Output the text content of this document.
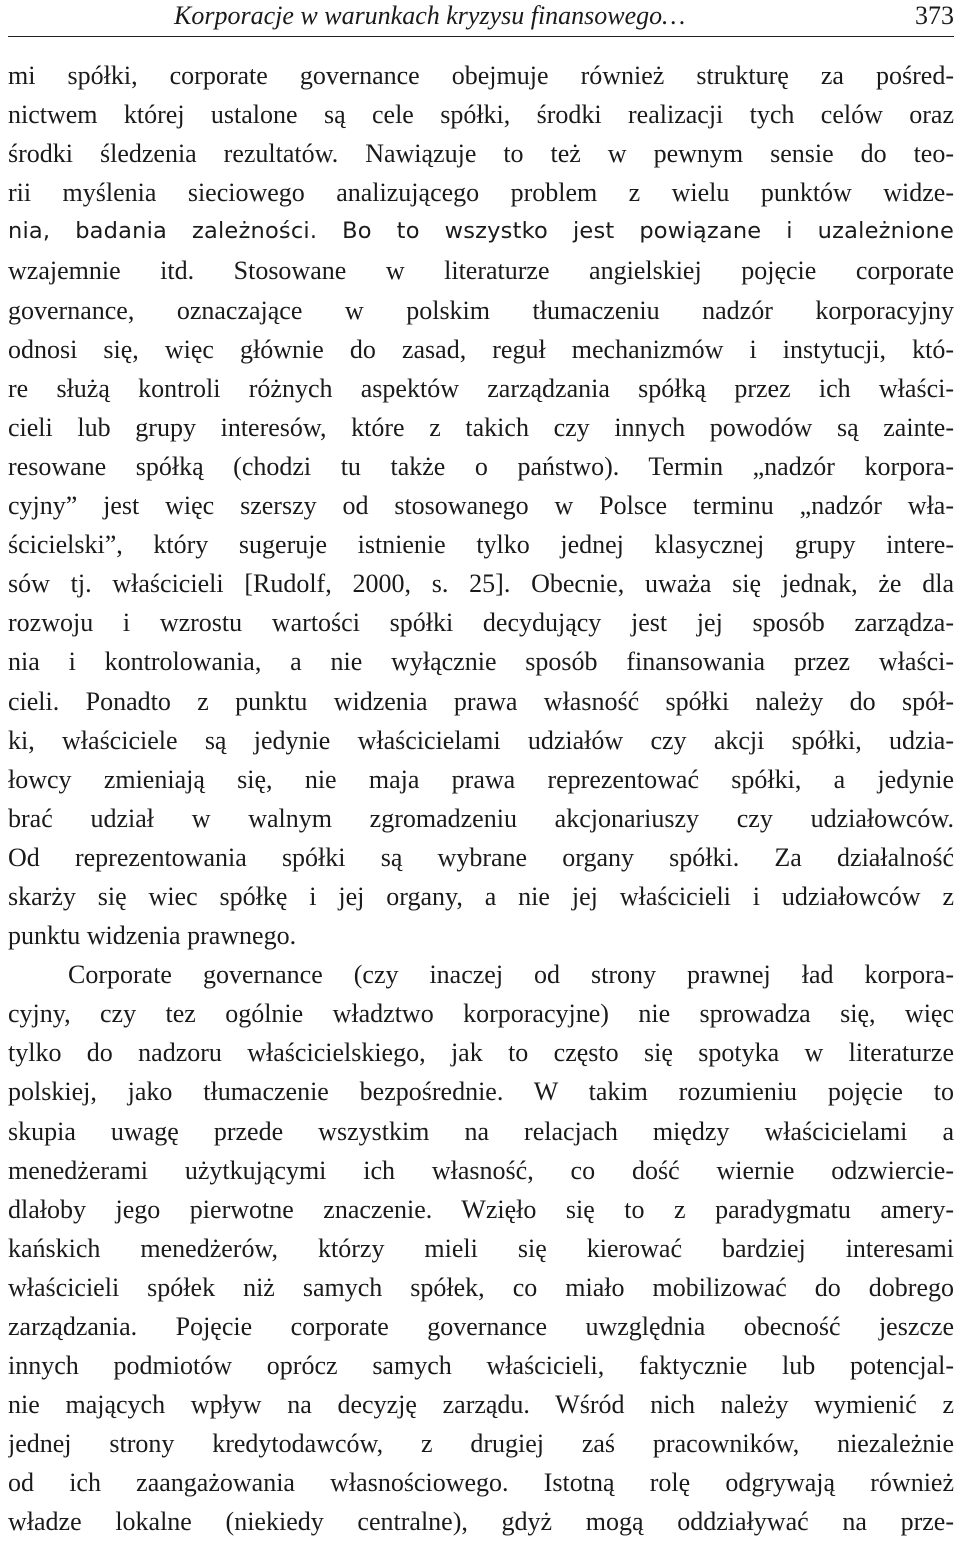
Korporacje w warunkach kryzysu finansowego…	373
mi spółki, corporate governance obejmuje również strukturę za pośred-
nictwem której ustalone są cele spółki, środki realizacji tych celów oraz
środki śledzenia rezultatów. Nawiązuje to też w pewnym sensie do teo-
rii myślenia sieciowego analizującego problem z wielu punktów widze-
nia, badania zależności. Bo to wszystko jest powiązane i uzależnione
wzajemnie itd. Stosowane w literaturze angielskiej pojęcie corporate
governance, oznaczające w polskim tłumaczeniu nadzór korporacyjny
odnosi się, więc głównie do zasad, reguł mechanizmów i instytucji, któ-
re służą kontroli różnych aspektów zarządzania spółką przez ich właści-
cieli lub grupy interesów, które z takich czy innych powodów są zainte-
resowane spółką (chodzi tu także o państwo). Termin „nadzór korpora-
cyjny” jest więc szerszy od stosowanego w Polsce terminu „nadzór wła-
ścicielski”, który sugeruje istnienie tylko jednej klasycznej grupy intere-
sów tj. właścicieli [Rudolf, 2000, s. 25]. Obecnie, uważa się jednak, że dla
rozwoju i wzrostu wartości spółki decydujący jest jej sposób zarządza-
nia i kontrolowania, a nie wyłącznie sposób finansowania przez właści-
cieli. Ponadto z punktu widzenia prawa własność spółki należy do spół-
ki, właściciele są jedynie właścicielami udziałów czy akcji spółki, udzia-
łowcy zmieniają się, nie maja prawa reprezentować spółki, a jedynie
brać udział w walnym zgromadzeniu akcjonariuszy czy udziałowców.
Od reprezentowania spółki są wybrane organy spółki. Za działalność
skarży się wiec spółkę i jej organy, a nie jej właścicieli i udziałowców z
punktu widzenia prawnego.
Corporate governance (czy inaczej od strony prawnej ład korpora-
cyjny, czy tez ogólnie władztwo korporacyjne) nie sprowadza się, więc
tylko do nadzoru właścicielskiego, jak to często się spotyka w literaturze
polskiej, jako tłumaczenie bezpośrednie. W takim rozumieniu pojęcie to
skupia uwagę przede wszystkim na relacjach między właścicielami a
menedżerami użytkującymi ich własność, co dość wiernie odzwiercie-
dlałoby jego pierwotne znaczenie. Wzięło się to z paradygmatu amery-
kańskich menedżerów, którzy mieli się kierować bardziej interesami
właścicieli spółek niż samych spółek, co miało mobilizować do dobrego
zarządzania. Pojęcie corporate governance uwzględnia obecność jeszcze
innych podmiotów oprócz samych właścicieli, faktycznie lub potencjal-
nie mających wpływ na decyzję zarządu. Wśród nich należy wymienić z
jednej strony kredytodawców, z drugiej zaś pracowników, niezależnie
od ich zaangażowania własnościowego. Istotną rolę odgrywają również
władze lokalne (niekiedy centralne), gdyż mogą oddziaływać na prze-
